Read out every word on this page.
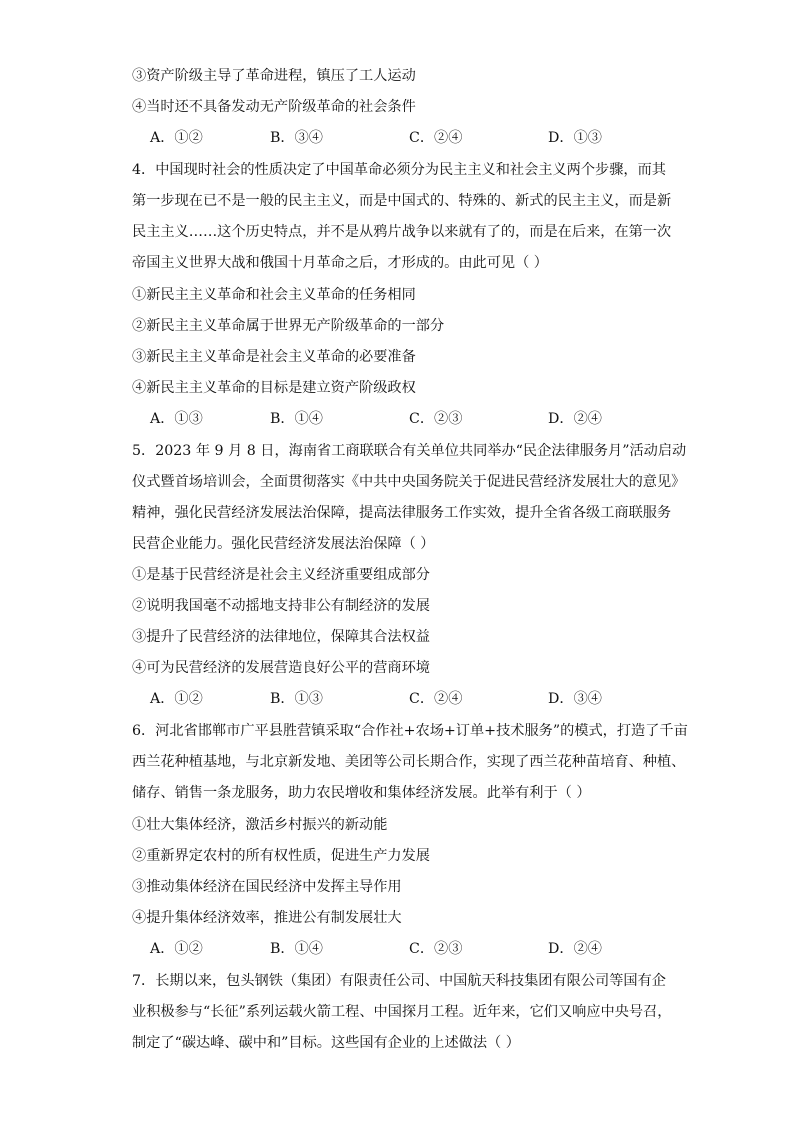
③资产阶级主导了革命进程，镇压了工人运动
④当时还不具备发动无产阶级革命的社会条件
A．①②	B．③④	C．②④	D．①③
4．中国现时社会的性质决定了中国革命必须分为民主主义和社会主义两个步骤，而其
第一步现在已不是一般的民主主义，而是中国式的、特殊的、新式的民主主义，而是新
民主主义……这个历史特点，并不是从鸦片战争以来就有了的，而是在后来，在第一次
帝国主义世界大战和俄国十月革命之后，才形成的。由此可见（ ）
①新民主主义革命和社会主义革命的任务相同
②新民主主义革命属于世界无产阶级革命的一部分
③新民主主义革命是社会主义革命的必要准备
④新民主主义革命的目标是建立资产阶级政权
A．①③	B．①④	C．②③	D．②④
5．2023 年 9 月 8 日，海南省工商联联合有关单位共同举办“民企法律服务月”活动启动
仪式暨首场培训会，全面贯彻落实《中共中央国务院关于促进民营经济发展壮大的意见》
精神，强化民营经济发展法治保障，提高法律服务工作实效，提升全省各级工商联服务
民营企业能力。强化民营经济发展法治保障（ ）
①是基于民营经济是社会主义经济重要组成部分
②说明我国毫不动摇地支持非公有制经济的发展
③提升了民营经济的法律地位，保障其合法权益
④可为民营经济的发展营造良好公平的营商环境
A．①②	B．①③	C．②④	D．③④
6．河北省邯郸市广平县胜营镇采取“合作社+农场+订单+技术服务”的模式，打造了千亩
西兰花种植基地，与北京新发地、美团等公司长期合作，实现了西兰花种苗培育、种植、
储存、销售一条龙服务，助力农民增收和集体经济发展。此举有利于（ ）
①壮大集体经济，激活乡村振兴的新动能
②重新界定农村的所有权性质，促进生产力发展
③推动集体经济在国民经济中发挥主导作用
④提升集体经济效率，推进公有制发展壮大
A．①②	B．①④	C．②③	D．②④
7．长期以来，包头钢铁（集团）有限责任公司、中国航天科技集团有限公司等国有企
业积极参与“长征”系列运载火箭工程、中国探月工程。近年来，它们又响应中央号召，
制定了“碳达峰、碳中和”目标。这些国有企业的上述做法（ ）
